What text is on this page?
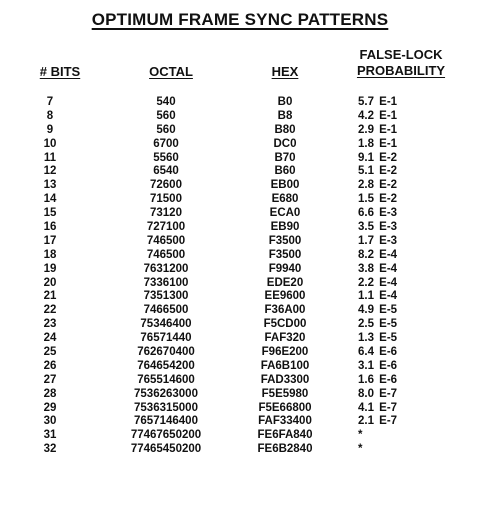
OPTIMUM FRAME SYNC PATTERNS
# BITS	OCTAL	HEX
FALSE-LOCK
PROBABILITY
7	540	B0	5.7 E-1
8	560	B8	4.2 E-1
9	560	B80	2.9 E-1
10	6700	DC0	1.8 E-1
11	5560	B70	9.1 E-2
12	6540	B60	5.1 E-2
13	72600	EB00	2.8 E-2
14	71500	E680	1.5 E-2
15	73120	ECA0	6.6 E-3
16	727100	EB90	3.5 E-3
17	746500	F3500	1.7 E-3
18	746500	F3500	8.2 E-4
19	7631200	F9940	3.8 E-4
20	7336100	EDE20	2.2 E-4
21	7351300	EE9600	1.1 E-4
22	7466500	F36A00	4.9 E-5
23	75346400	F5CD00	2.5 E-5
24	76571440	FAF320	1.3 E-5
25	762670400	F96E200	6.4 E-6
26	764654200	FA6B100	3.1 E-6
27	765514600	FAD3300	1.6 E-6
28	7536263000	F5E5980	8.0 E-7
29	7536315000	F5E66800	4.1 E-7
30	7657146400	FAF33400	2.1 E-7
31	77467650200	FE6FA840	*
32	77465450200	FE6B2840	*
